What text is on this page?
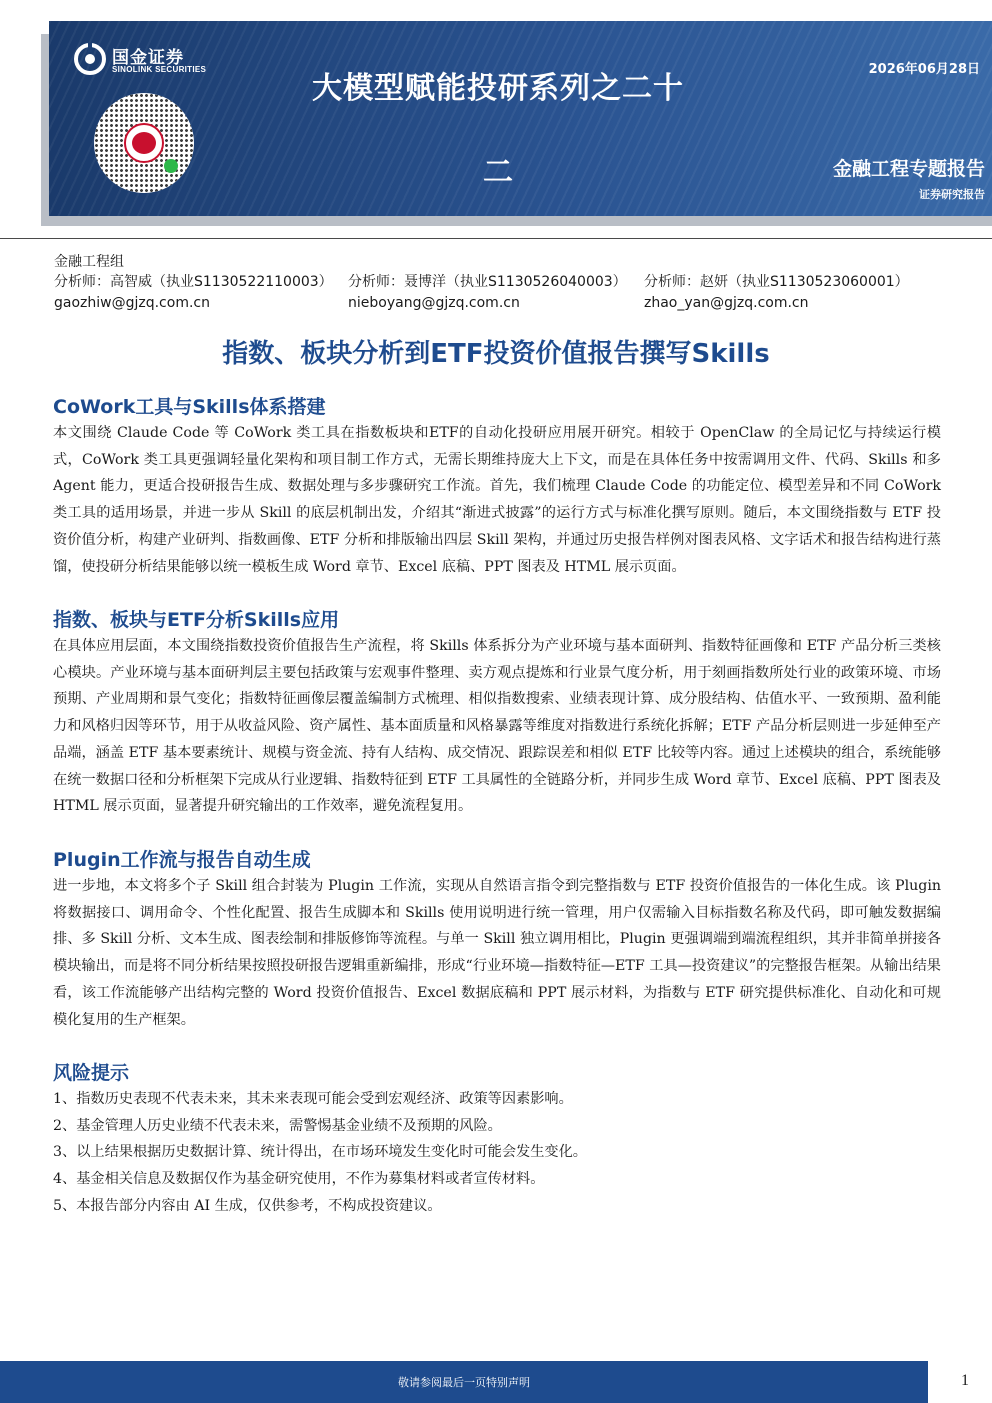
国金证券
SINOLINK SECURITIES
大模型赋能投研系列之二十
二
2026年06月28日
金融工程专题报告
证券研究报告
金融工程组
分析师：高智威（执业S1130522110003）
gaozhiw@gjzq.com.cn
分析师：聂博洋（执业S1130526040003）
nieboyang@gjzq.com.cn
分析师：赵妍（执业S1130523060001）
zhao_yan@gjzq.com.cn
指数、板块分析到ETF投资价值报告撰写Skills
CoWork工具与Skills体系搭建

本文围绕 Claude Code 等 CoWork 类工具在指数板块和ETF的自动化投研应用展开研究。相较于 OpenClaw 的全局记忆与持续运行模式，CoWork 类工具更强调轻量化架构和项目制工作方式，无需长期维持庞大上下文，而是在具体任务中按需调用文件、代码、Skills 和多 Agent 能力，更适合投研报告生成、数据处理与多步骤研究工作流。首先，我们梳理 Claude Code 的功能定位、模型差异和不同 CoWork 类工具的适用场景，并进一步从 Skill 的底层机制出发，介绍其“渐进式披露”的运行方式与标准化撰写原则。随后，本文围绕指数与 ETF 投资价值分析，构建产业研判、指数画像、ETF 分析和排版输出四层 Skill 架构，并通过历史报告样例对图表风格、文字话术和报告结构进行蒸馏，使投研分析结果能够以统一模板生成 Word 章节、Excel 底稿、PPT 图表及 HTML 展示页面。

指数、板块与ETF分析Skills应用

在具体应用层面，本文围绕指数投资价值报告生产流程，将 Skills 体系拆分为产业环境与基本面研判、指数特征画像和 ETF 产品分析三类核心模块。产业环境与基本面研判层主要包括政策与宏观事件整理、卖方观点提炼和行业景气度分析，用于刻画指数所处行业的政策环境、市场预期、产业周期和景气变化；指数特征画像层覆盖编制方式梳理、相似指数搜索、业绩表现计算、成分股结构、估值水平、一致预期、盈利能力和风格归因等环节，用于从收益风险、资产属性、基本面质量和风格暴露等维度对指数进行系统化拆解；ETF 产品分析层则进一步延伸至产品端，涵盖 ETF 基本要素统计、规模与资金流、持有人结构、成交情况、跟踪误差和相似 ETF 比较等内容。通过上述模块的组合，系统能够在统一数据口径和分析框架下完成从行业逻辑、指数特征到 ETF 工具属性的全链路分析，并同步生成 Word 章节、Excel 底稿、PPT 图表及 HTML 展示页面，显著提升研究输出的工作效率，避免流程复用。

Plugin工作流与报告自动生成

进一步地，本文将多个子 Skill 组合封装为 Plugin 工作流，实现从自然语言指令到完整指数与 ETF 投资价值报告的一体化生成。该 Plugin 将数据接口、调用命令、个性化配置、报告生成脚本和 Skills 使用说明进行统一管理，用户仅需输入目标指数名称及代码，即可触发数据编排、多 Skill 分析、文本生成、图表绘制和排版修饰等流程。与单一 Skill 独立调用相比，Plugin 更强调端到端流程组织，其并非简单拼接各模块输出，而是将不同分析结果按照投研报告逻辑重新编排，形成“行业环境—指数特征—ETF 工具—投资建议”的完整报告框架。从输出结果看，该工作流能够产出结构完整的 Word 投资价值报告、Excel 数据底稿和 PPT 展示材料，为指数与 ETF 研究提供标准化、自动化和可规模化复用的生产框架。

风险提示
1、指数历史表现不代表未来，其未来表现可能会受到宏观经济、政策等因素影响。
2、基金管理人历史业绩不代表未来，需警惕基金业绩不及预期的风险。
3、以上结果根据历史数据计算、统计得出，在市场环境发生变化时可能会发生变化。
4、基金相关信息及数据仅作为基金研究使用，不作为募集材料或者宣传材料。
5、本报告部分内容由 AI 生成，仅供参考，不构成投资建议。
敬请参阅最后一页特别声明	1
